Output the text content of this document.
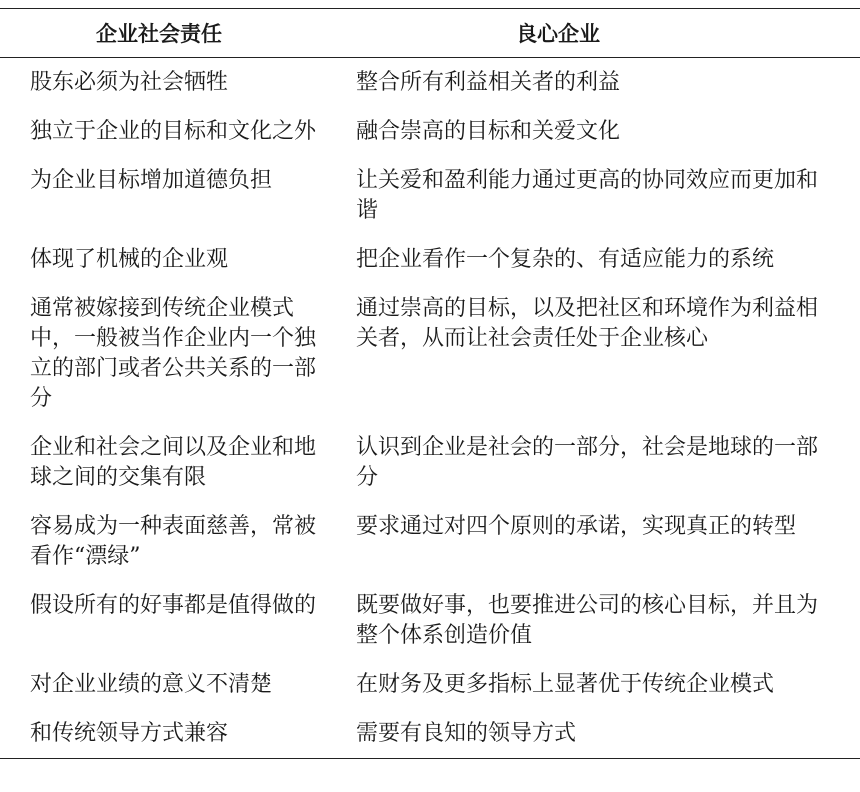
企业社会责任	良心企业
股东必须为社会牺牲	整合所有利益相关者的利益
独立于企业的目标和文化之外	融合崇高的目标和关爱文化
为企业目标增加道德负担	让关爱和盈利能力通过更高的协同效应而更加和谐
体现了机械的企业观	把企业看作一个复杂的、有适应能力的系统
通常被嫁接到传统企业模式中，一般被当作企业内一个独立的部门或者公共关系的一部分	通过崇高的目标，以及把社区和环境作为利益相关者，从而让社会责任处于企业核心
企业和社会之间以及企业和地球之间的交集有限	认识到企业是社会的一部分，社会是地球的一部分
容易成为一种表面慈善，常被看作“漂绿”	要求通过对四个原则的承诺，实现真正的转型
假设所有的好事都是值得做的	既要做好事，也要推进公司的核心目标，并且为整个体系创造价值
对企业业绩的意义不清楚	在财务及更多指标上显著优于传统企业模式
和传统领导方式兼容	需要有良知的领导方式
